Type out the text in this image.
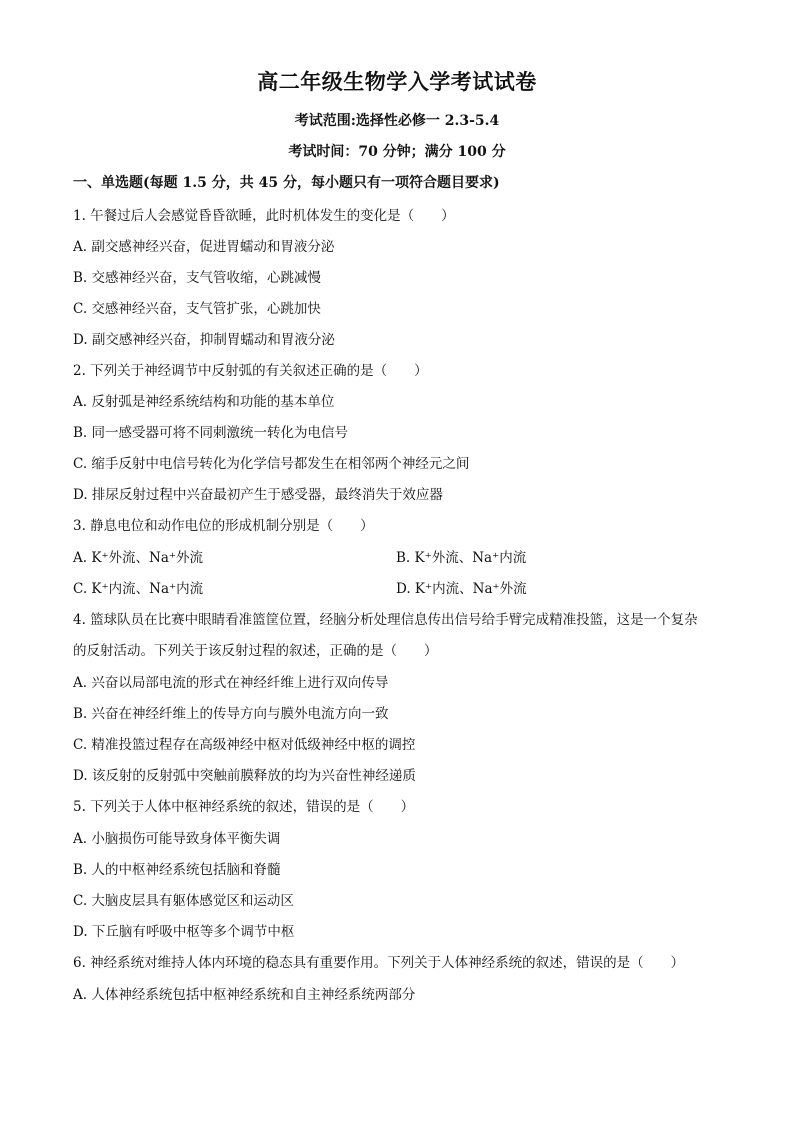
高二年级生物学入学考试试卷
考试范围:选择性必修一 2.3-5.4
考试时间：70 分钟；满分 100 分
一、单选题(每题 1.5 分，共 45 分，每小题只有一项符合题目要求)
1. 午餐过后人会感觉昏昏欲睡，此时机体发生的变化是（　　）
A. 副交感神经兴奋，促进胃蠕动和胃液分泌
B. 交感神经兴奋，支气管收缩，心跳减慢
C. 交感神经兴奋，支气管扩张，心跳加快
D. 副交感神经兴奋，抑制胃蠕动和胃液分泌
2. 下列关于神经调节中反射弧的有关叙述正确的是（　　）
A. 反射弧是神经系统结构和功能的基本单位
B. 同一感受器可将不同刺激统一转化为电信号
C. 缩手反射中电信号转化为化学信号都发生在相邻两个神经元之间
D. 排尿反射过程中兴奋最初产生于感受器，最终消失于效应器
3. 静息电位和动作电位的形成机制分别是（　　）
A. K⁺外流、Na⁺外流	B. K⁺外流、Na⁺内流
C. K⁺内流、Na⁺内流	D. K⁺内流、Na⁺外流
4. 篮球队员在比赛中眼睛看准篮筐位置，经脑分析处理信息传出信号给手臂完成精准投篮，这是一个复杂
的反射活动。下列关于该反射过程的叙述，正确的是（　　）
A. 兴奋以局部电流的形式在神经纤维上进行双向传导
B. 兴奋在神经纤维上的传导方向与膜外电流方向一致
C. 精准投篮过程存在高级神经中枢对低级神经中枢的调控
D. 该反射的反射弧中突触前膜释放的均为兴奋性神经递质
5. 下列关于人体中枢神经系统的叙述，错误的是（　　）
A. 小脑损伤可能导致身体平衡失调
B. 人的中枢神经系统包括脑和脊髓
C. 大脑皮层具有躯体感觉区和运动区
D. 下丘脑有呼吸中枢等多个调节中枢
6. 神经系统对维持人体内环境的稳态具有重要作用。下列关于人体神经系统的叙述，错误的是（　　）
A. 人体神经系统包括中枢神经系统和自主神经系统两部分
